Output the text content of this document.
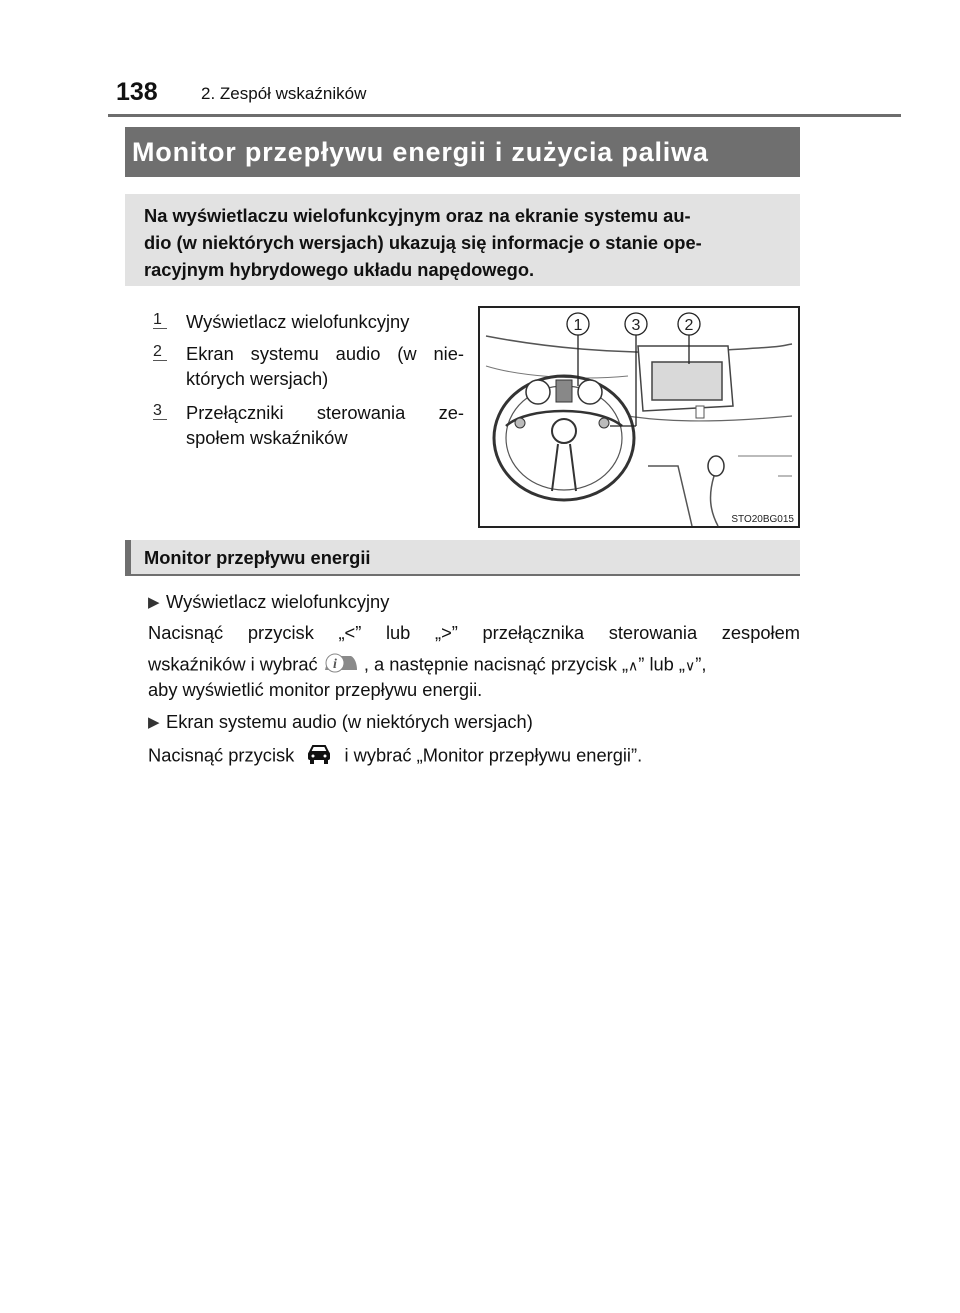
138	2. Zespół wskaźników
Monitor przepływu energii i zużycia paliwa
Na wyświetlaczu wielofunkcyjnym oraz na ekranie systemu au-
dio (w niektórych wersjach) ukazują się informacje o stanie ope-
racyjnym hybrydowego układu napędowego.
1 Wyświetlacz wielofunkcyjny
2 Ekran systemu audio (w nie-
których wersjach)
3 Przełączniki sterowania ze-
społem wskaźników
1	3	2
STO20BG015
Monitor przepływu energii
▶ Wyświetlacz wielofunkcyjny
Nacisnąć przycisk „<” lub „>” przełącznika sterowania zespołem
wskaźników i wybrać i , a następnie nacisnąć przycisk „∧” lub „∨”,
aby wyświetlić monitor przepływu energii.
▶ Ekran systemu audio (w niektórych wersjach)
Nacisnąć przycisk	i wybrać „Monitor przepływu energii”.
